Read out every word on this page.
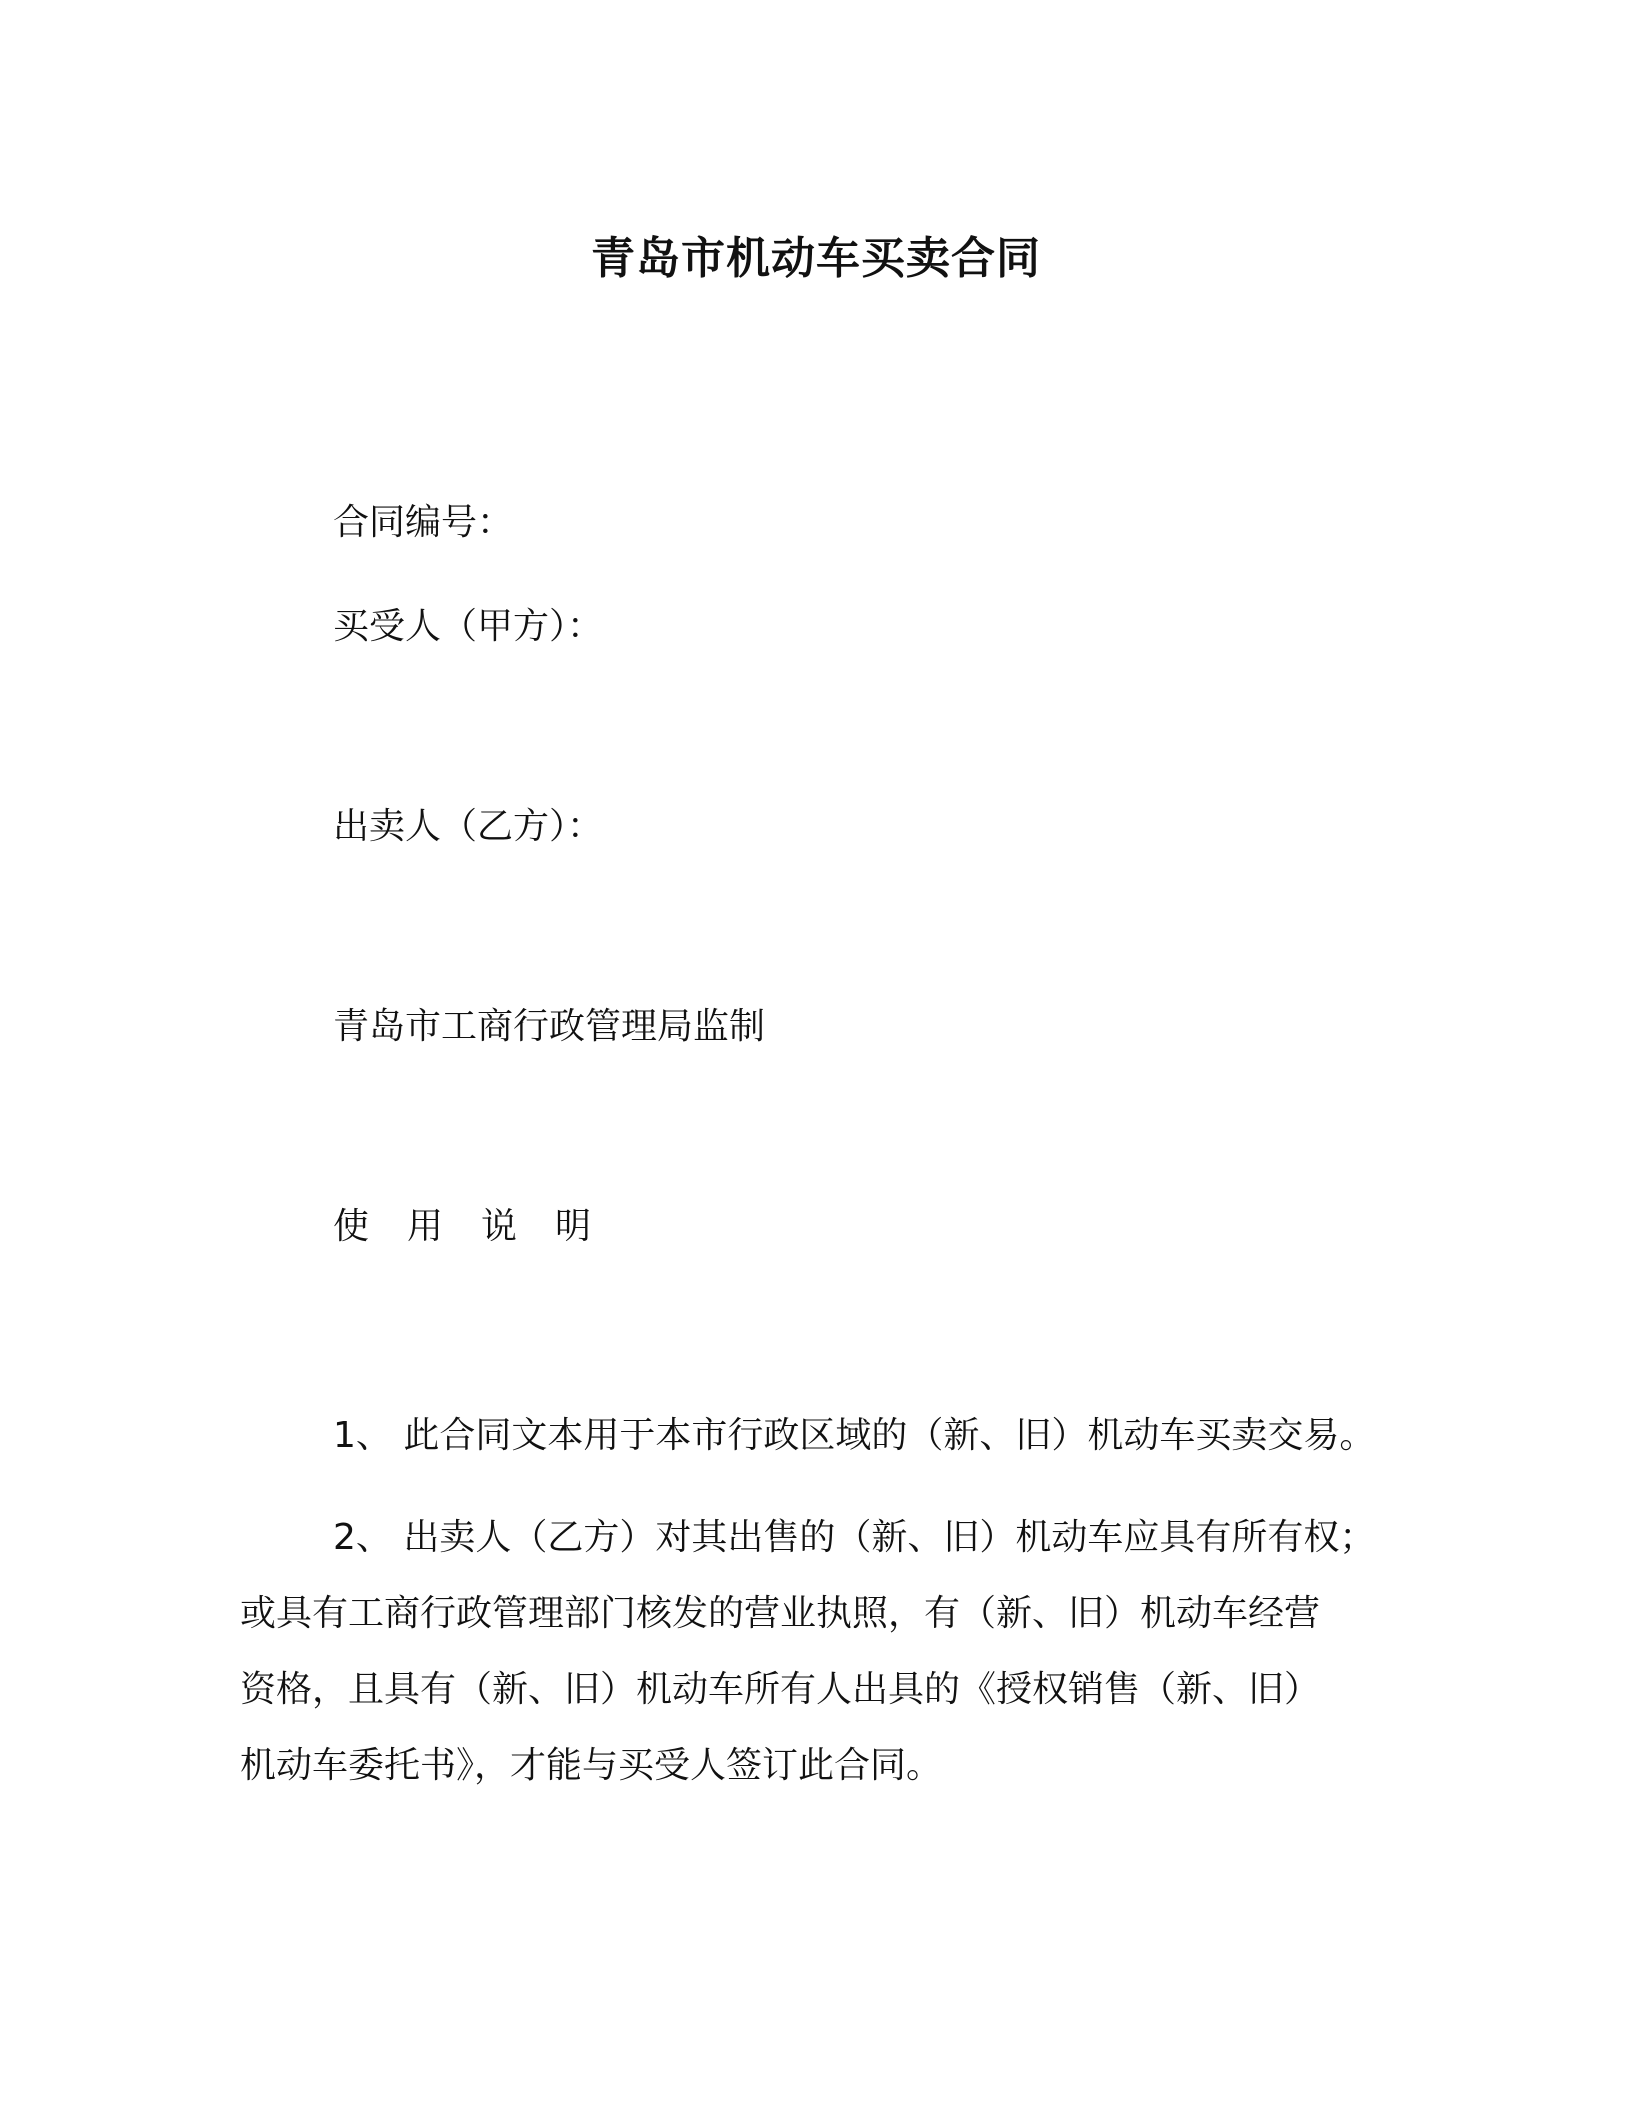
青岛市机动车买卖合同
合同编号：
买受人（甲方）：
出卖人（乙方）：
青岛市工商行政管理局监制
使用说明
1、 此合同文本用于本市行政区域的（新、旧）机动车买卖交易。
2、 出卖人（乙方）对其出售的（新、旧）机动车应具有所有权；
或具有工商行政管理部门核发的营业执照，有（新、旧）机动车经营
资格，且具有（新、旧）机动车所有人出具的《授权销售（新、旧）
机动车委托书》，才能与买受人签订此合同。
